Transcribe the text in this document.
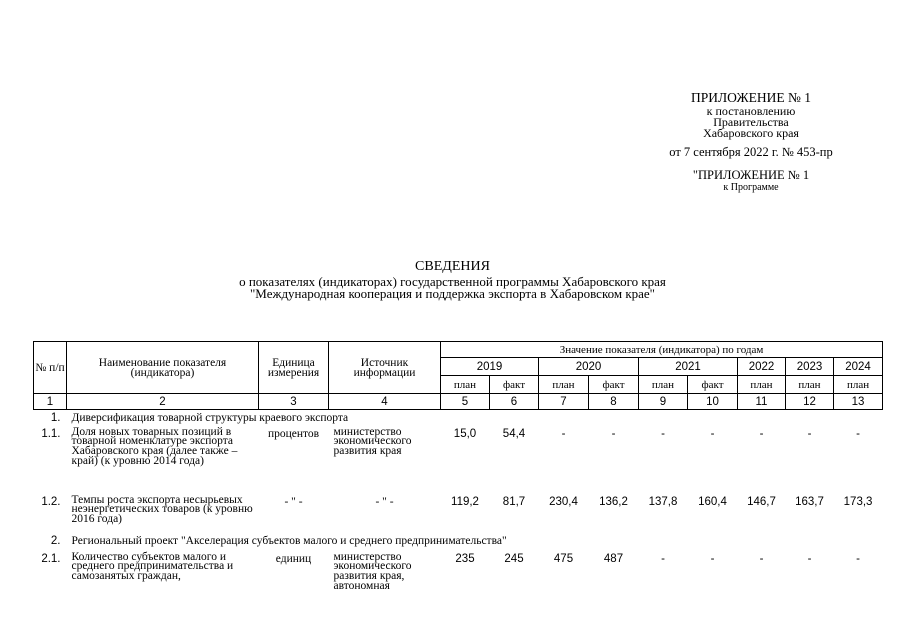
ПРИЛОЖЕНИЕ № 1
к постановлению
Правительства
Хабаровского края
от 7 сентября 2022 г. № 453-пр
"ПРИЛОЖЕНИЕ № 1
к Программе
СВЕДЕНИЯ
о показателях (индикаторах) государственной программы Хабаровского края
"Международная кооперация и поддержка экспорта в Хабаровском крае"
№ п/п	Наименование показателя (индикатора)	Единица измерения	Источник информации	Значение показателя (индикатора) по годам								
				2019		2020		2021		2022	2023	2024
				план	факт	план	факт	план	факт	план	план	план
1	2	3	4	5	6	7	8	9	10	11	12	13
1.	Диверсификация товарной структуры краевого экспорта											
1.1.	Доля новых товарных позиций в товарной номенклатуре экспорта Хабаровского края (далее также – край) (к уровню 2014 года)	процентов	министерство экономического развития края	15,0	54,4	-	-	-	-	-	-	-
1.2.	Темпы роста экспорта несырьевых неэнергетических товаров (к уровню 2016 года)	- " -	- " -	119,2	81,7	230,4	136,2	137,8	160,4	146,7	163,7	173,3
2.	Региональный проект "Акселерация субъектов малого и среднего предпринимательства"											
2.1.	Количество субъектов малого и среднего предпринимательства и самозанятых граждан,	единиц	министерство экономического развития края, автономная	235	245	475	487	-	-	-	-	-
